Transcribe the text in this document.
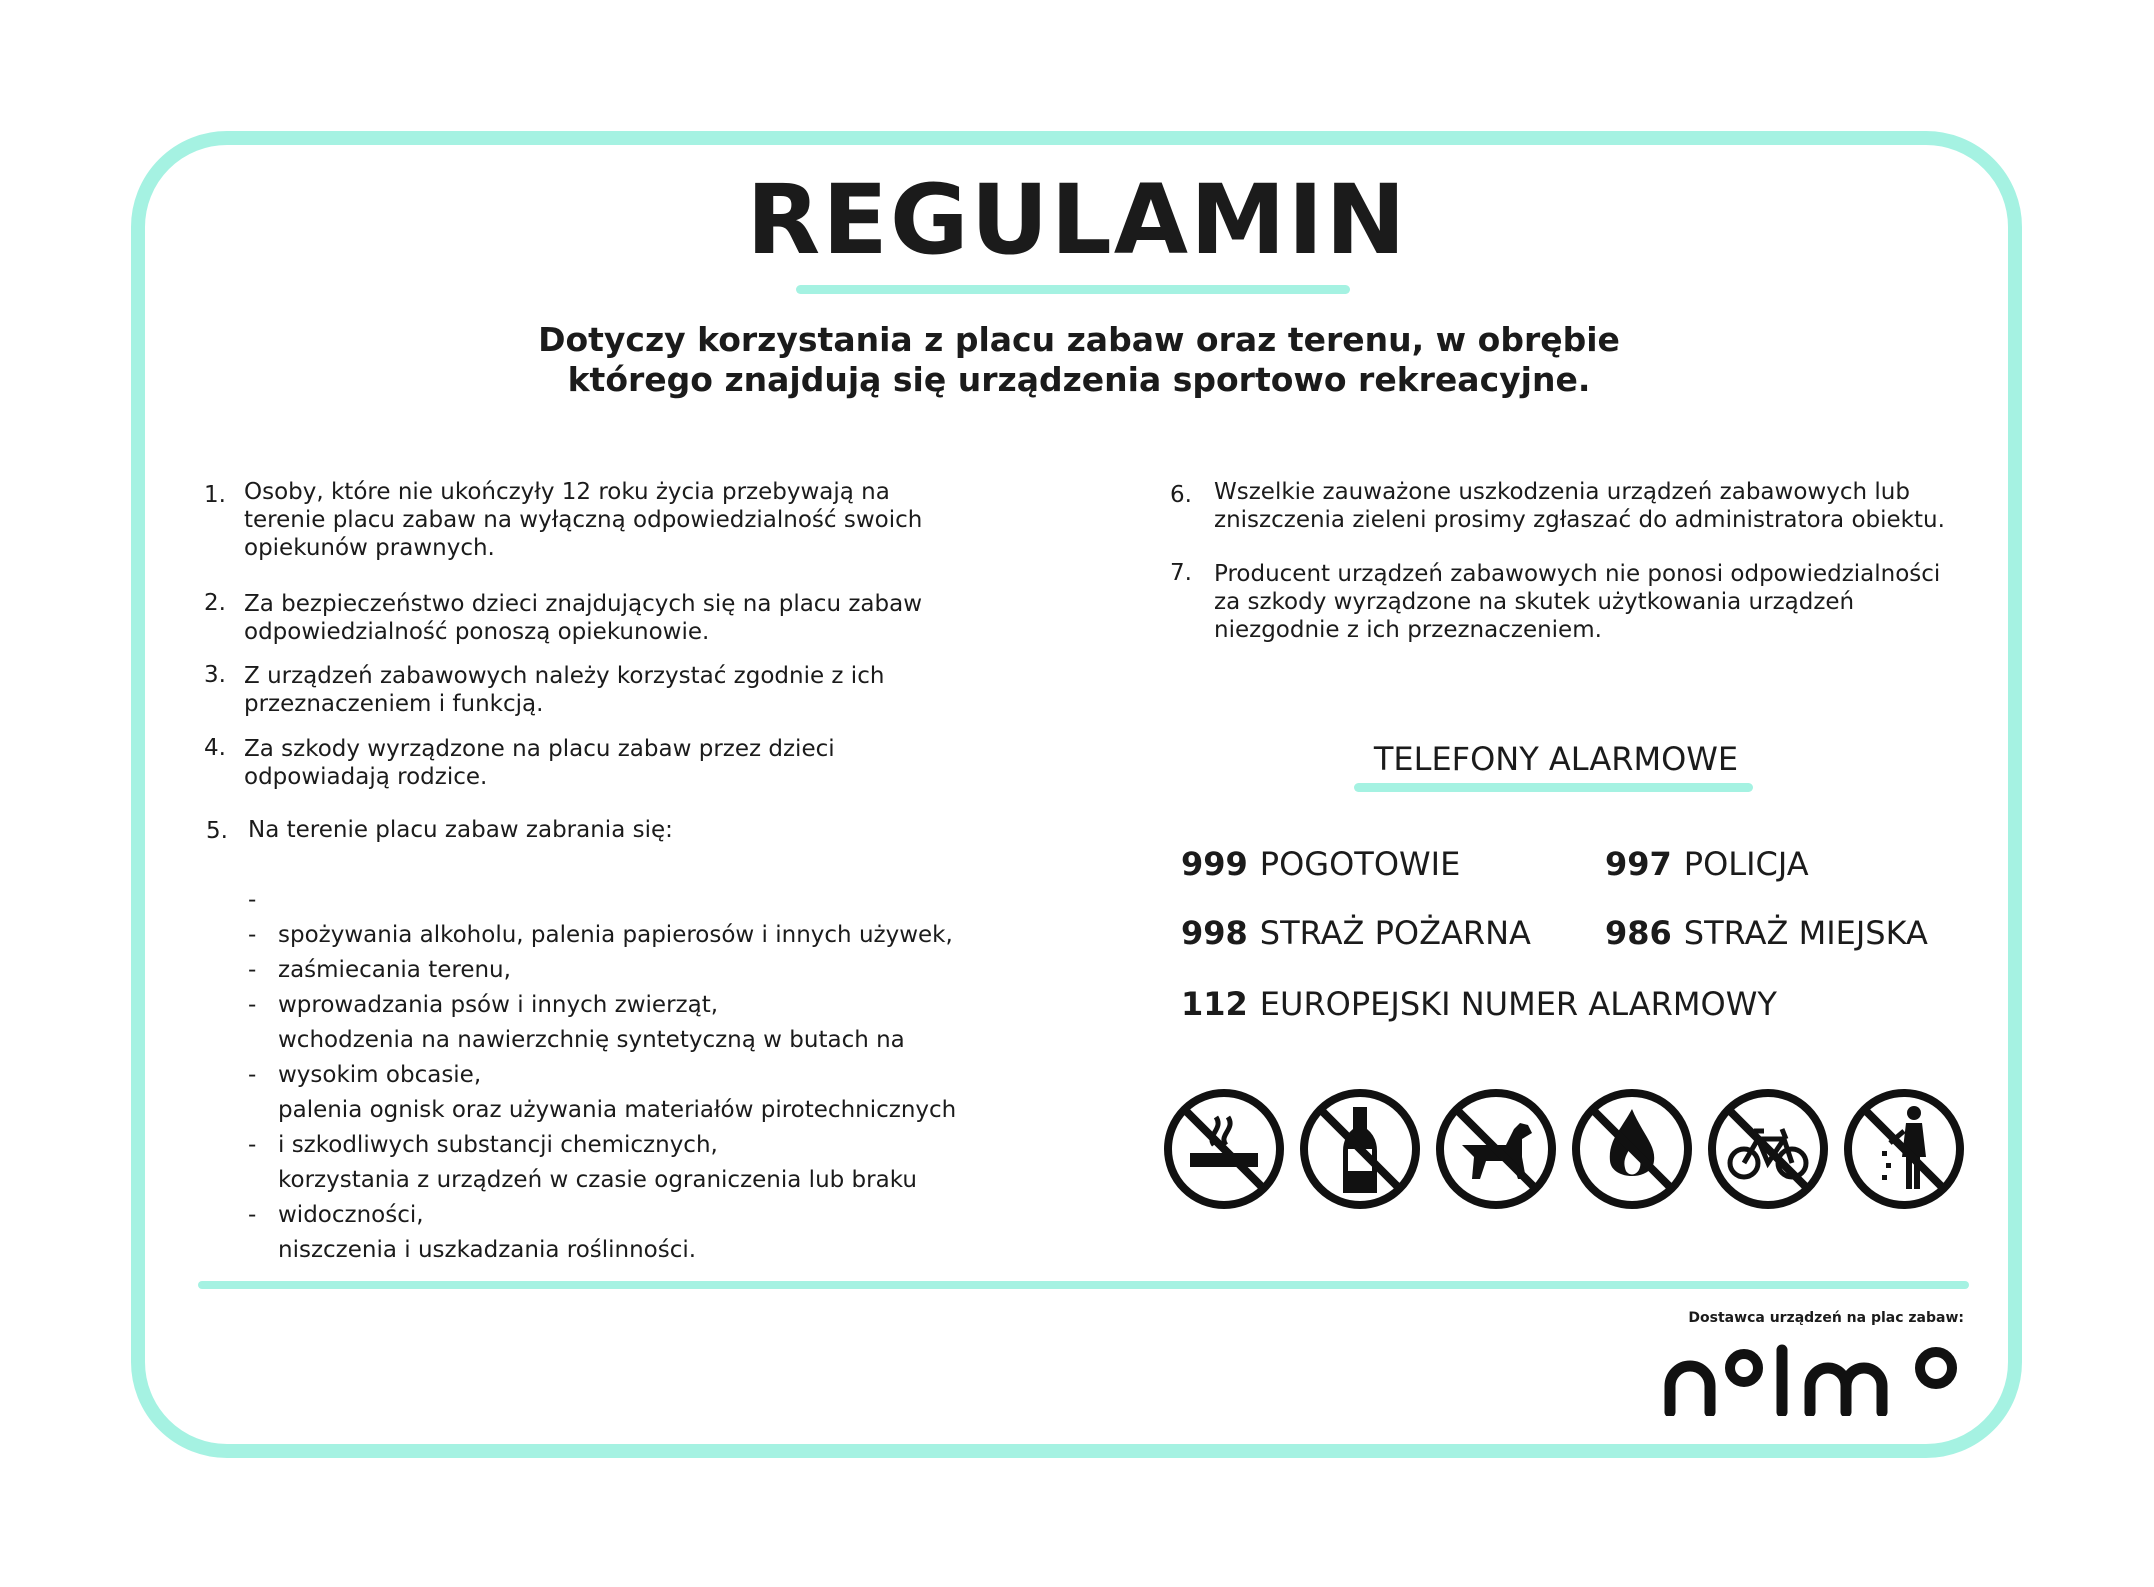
REGULAMIN
Dotyczy korzystania z placu zabaw oraz terenu, w obrębie
którego znajdują się urządzenia sportowo rekreacyjne.
1. Osoby, które nie ukończyły 12 roku życia przebywają na
terenie placu zabaw na wyłączną odpowiedzialność swoich
opiekunów prawnych.
2. Za bezpieczeństwo dzieci znajdujących się na placu zabaw
odpowiedzialność ponoszą opiekunowie.
3. Z urządzeń zabawowych należy korzystać zgodnie z ich
przeznaczeniem i funkcją.
4. Za szkody wyrządzone na placu zabaw przez dzieci
odpowiadają rodzice.
5. Na terenie placu zabaw zabrania się:

-

spożywania alkoholu, palenia papierosów i innych używek,

-

zaśmiecania terenu,

-

wprowadzania psów i innych zwierząt,

-

wchodzenia na nawierzchnię syntetyczną w butach na
wysokim obcasie,

-

palenia ognisk oraz używania materiałów pirotechnicznych
i szkodliwych substancji chemicznych,

-

korzystania z urządzeń w czasie ograniczenia lub braku
widoczności,

-

niszczenia i uszkadzania roślinności.

6. Wszelkie zauważone uszkodzenia urządzeń zabawowych lub
zniszczenia zieleni prosimy zgłaszać do administratora obiektu.
7. Producent urządzeń zabawowych nie ponosi odpowiedzialności
za szkody wyrządzone na skutek użytkowania urządzeń
niezgodnie z ich przeznaczeniem.
TELEFONY ALARMOWE
999 POGOTOWIE	997 POLICJA
998 STRAŻ POŻARNA 986 STRAŻ MIEJSKA
112 EUROPEJSKI NUMER ALARMOWY
Dostawca urządzeń na plac zabaw:
